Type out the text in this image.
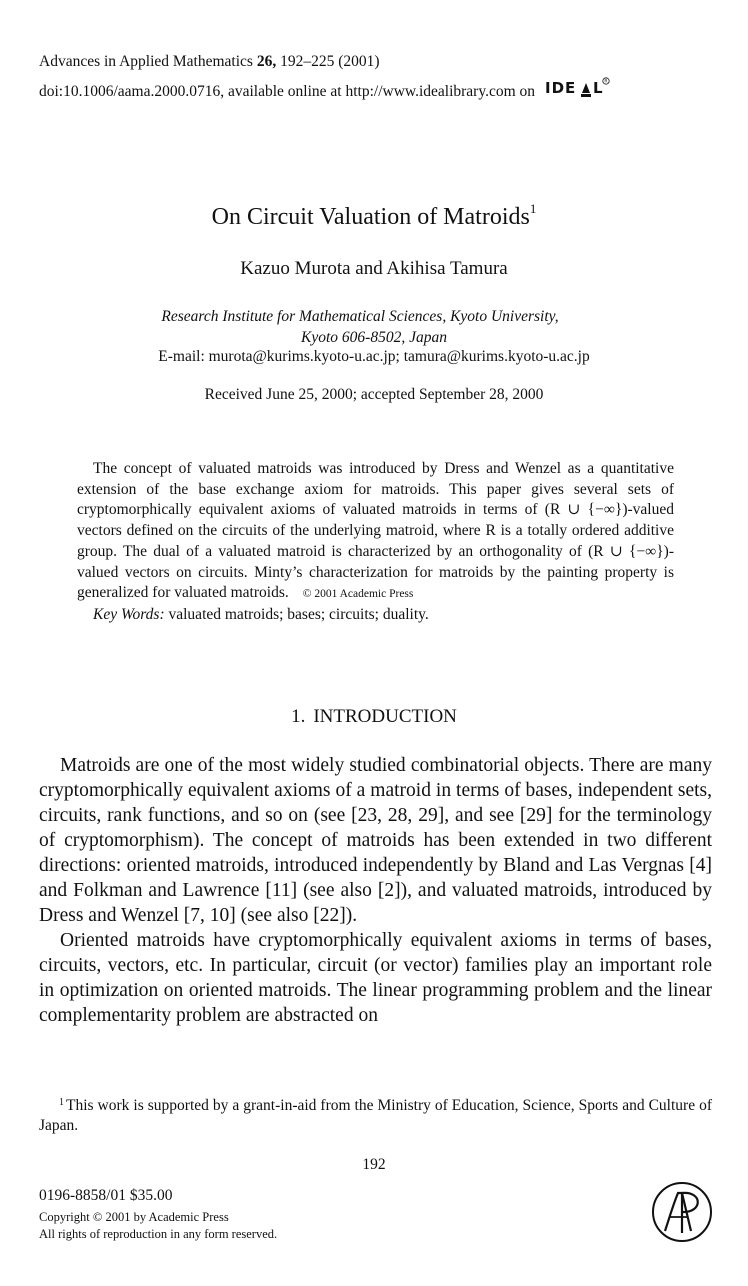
Advances in Applied Mathematics 26, 192–225 (2001)
doi:10.1006/aama.2000.0716, available online at http://www.idealibrary.com on IDE L R
On Circuit Valuation of Matroids$^1$
Kazuo Murota and Akihisa Tamura
Research Institute for Mathematical Sciences, Kyoto University,
Kyoto 606-8502, Japan
E-mail: murota@kurims.kyoto-u.ac.jp; tamura@kurims.kyoto-u.ac.jp
Received June 25, 2000; accepted September 28, 2000

The concept of valuated matroids was introduced by Dress and Wenzel as a quantitative extension of the base exchange axiom for matroids. This paper gives several sets of cryptomorphically equivalent axioms of valuated matroids in terms of (R ∪ {−∞})-valued vectors defined on the circuits of the underlying matroid, where R is a totally ordered additive group. The dual of a valuated matroid is characterized by an orthogonality of (R ∪ {−∞})-valued vectors on circuits. Minty’s characterization for matroids by the painting property is generalized for valuated matroids. © 2001 Academic Press

Key Words: valuated matroids; bases; circuits; duality.

1. INTRODUCTION

Matroids are one of the most widely studied combinatorial objects. There are many cryptomorphically equivalent axioms of a matroid in terms of bases, independent sets, circuits, rank functions, and so on (see [23, 28, 29], and see [29] for the terminology of cryptomorphism). The concept of matroids has been extended in two different directions: oriented matroids, introduced independently by Bland and Las Vergnas [4] and Folkman and Lawrence [11] (see also [2]), and valuated matroids, introduced by Dress and Wenzel [7, 10] (see also [22]).

Oriented matroids have cryptomorphically equivalent axioms in terms of bases, circuits, vectors, etc. In particular, circuit (or vector) families play an important role in optimization on oriented matroids. The linear programming problem and the linear complementarity problem are abstracted on

$^1$ This work is supported by a grant-in-aid from the Ministry of Education, Science, Sports and Culture of Japan.

192
0196-8858/01 $35.00
Copyright © 2001 by Academic Press
All rights of reproduction in any form reserved.
